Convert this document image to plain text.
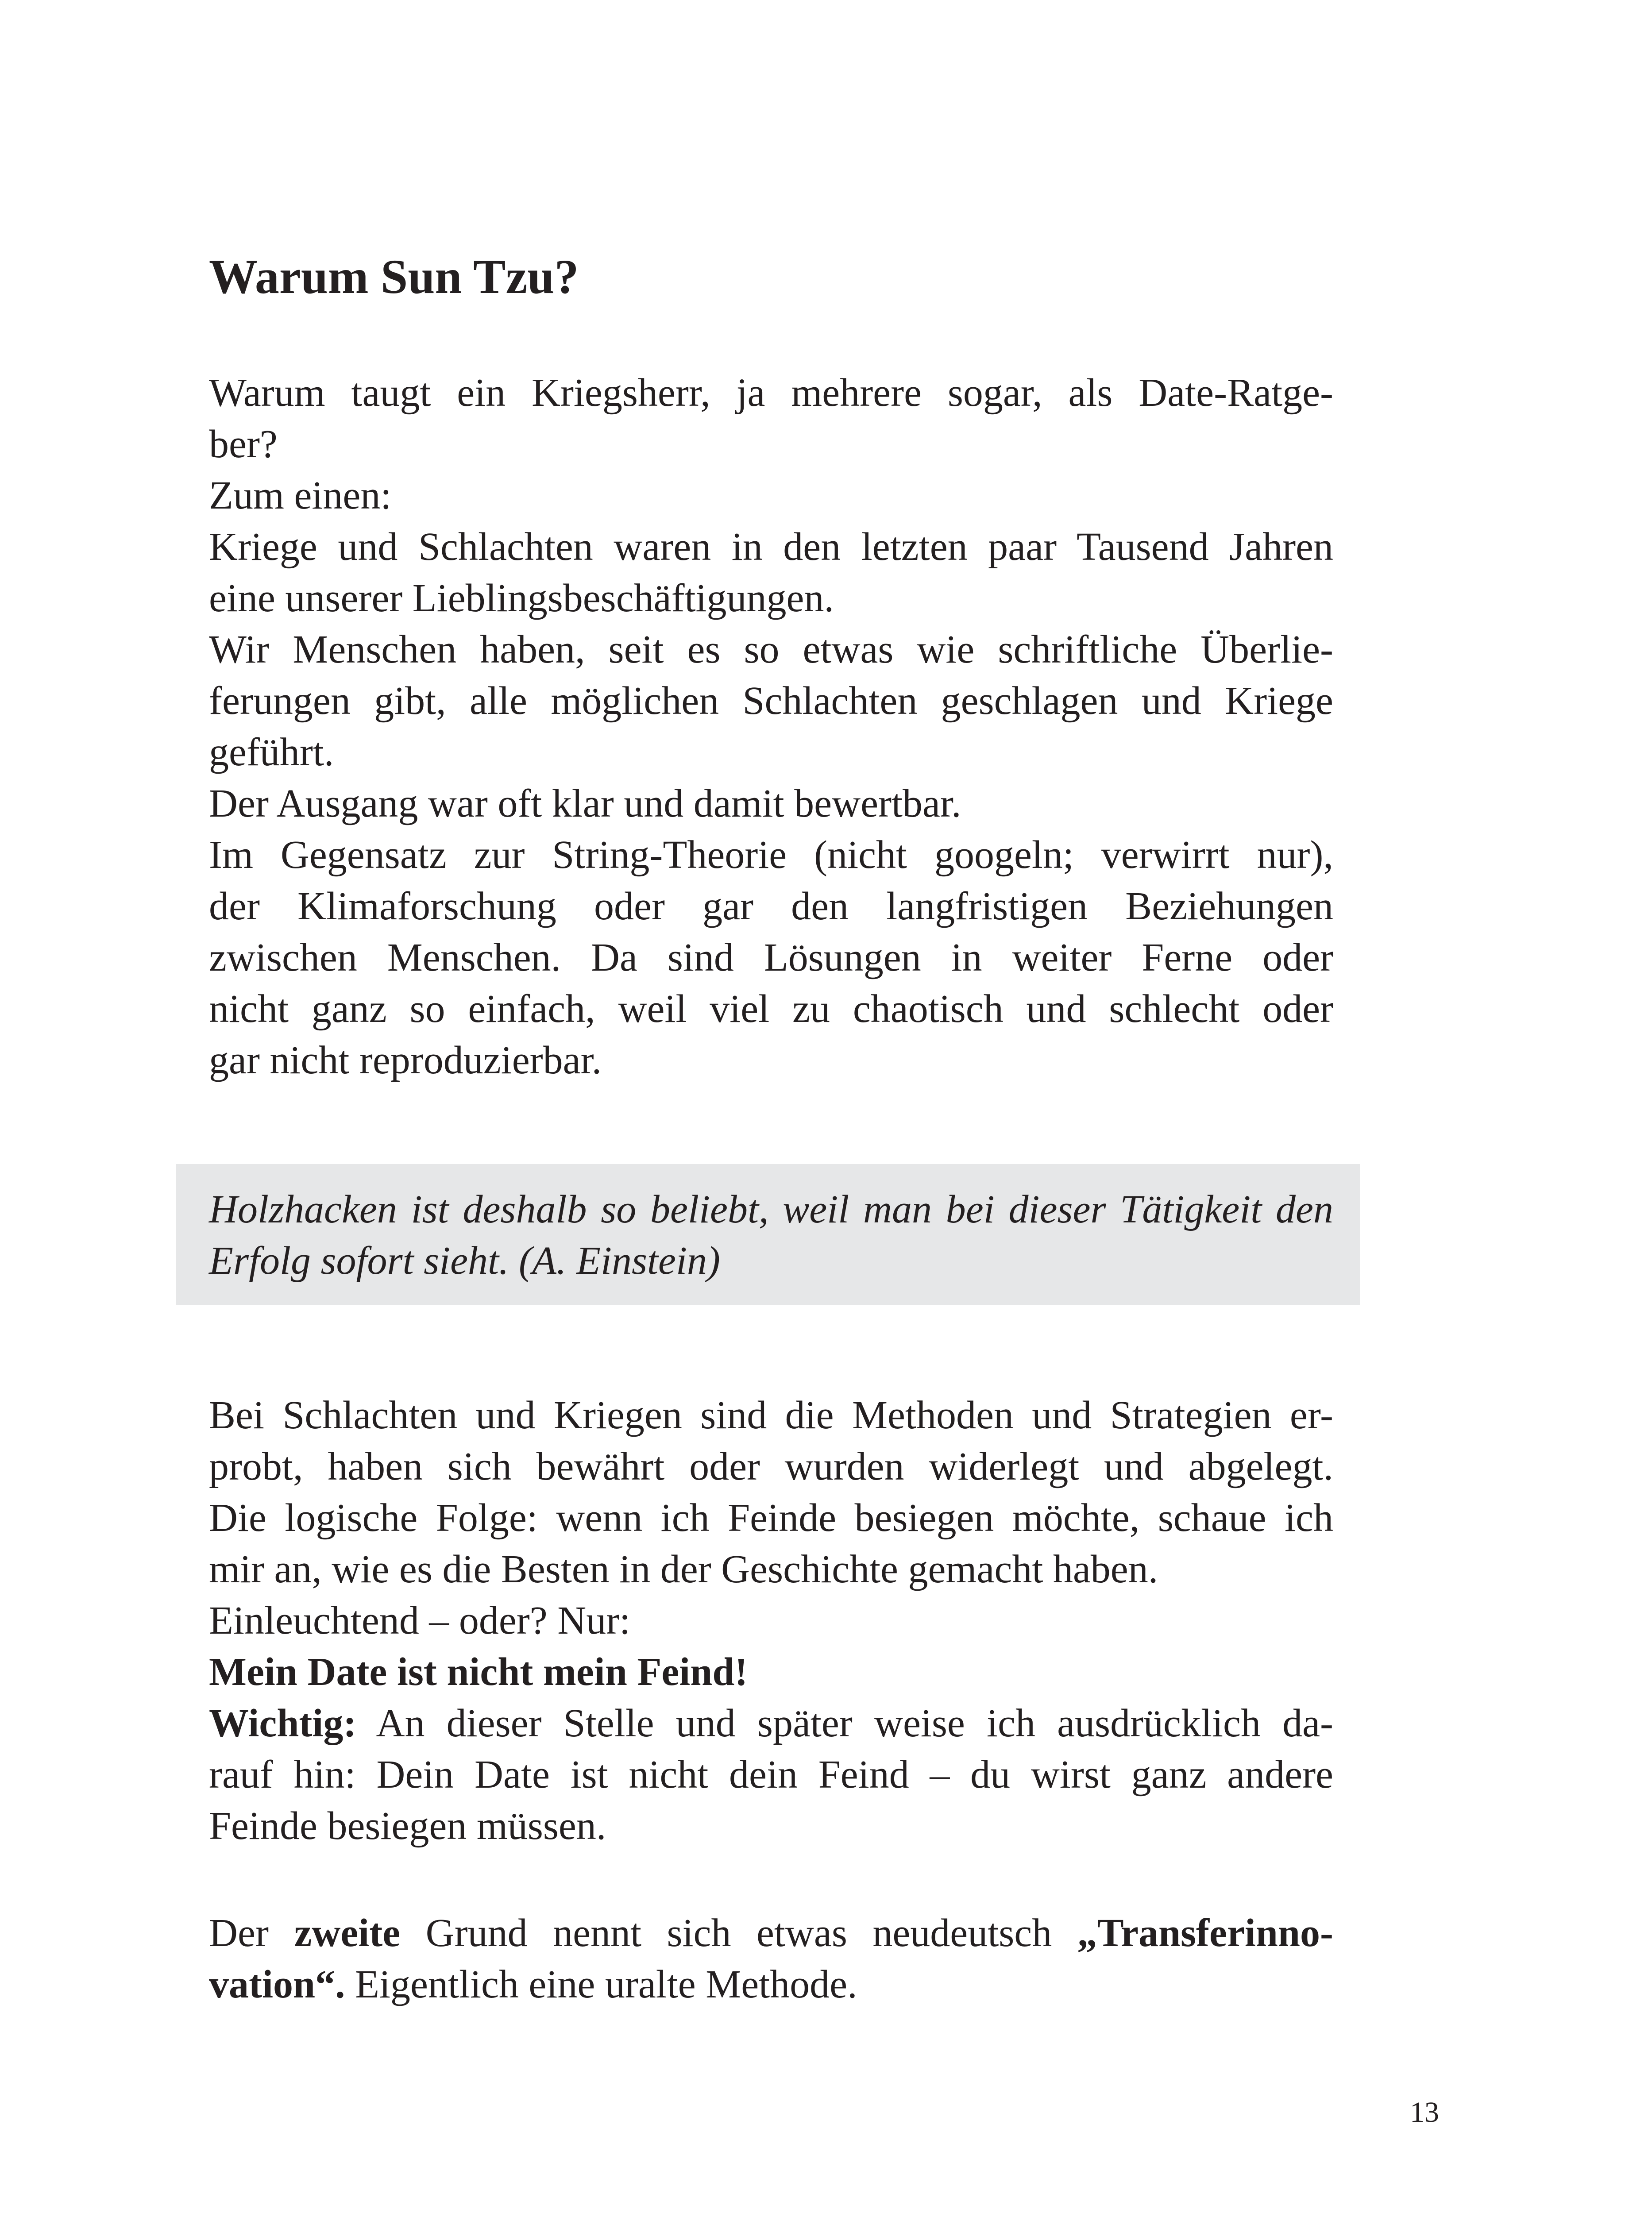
Warum Sun Tzu?
Warum taugt ein Kriegsherr, ja mehrere sogar, als Date-Ratge-
ber?
Zum einen:
Kriege und Schlachten waren in den letzten paar Tausend Jahren
eine unserer Lieblingsbeschäftigungen.
Wir Menschen haben, seit es so etwas wie schriftliche Überlie-
ferungen gibt, alle möglichen Schlachten geschlagen und Kriege
geführt.
Der Ausgang war oft klar und damit bewertbar.
Im Gegensatz zur String-Theorie (nicht googeln; verwirrt nur),
der Klimaforschung oder gar den langfristigen Beziehungen
zwischen Menschen. Da sind Lösungen in weiter Ferne oder
nicht ganz so einfach, weil viel zu chaotisch und schlecht oder
gar nicht reproduzierbar.
Holzhacken ist deshalb so beliebt, weil man bei dieser Tätigkeit den
Erfolg sofort sieht. (A. Einstein)
Bei Schlachten und Kriegen sind die Methoden und Strategien er-
probt, haben sich bewährt oder wurden widerlegt und abgelegt.
Die logische Folge: wenn ich Feinde besiegen möchte, schaue ich
mir an, wie es die Besten in der Geschichte gemacht haben.
Einleuchtend – oder? Nur:
Mein Date ist nicht mein Feind!
Wichtig: An dieser Stelle und später weise ich ausdrücklich da-
rauf hin: Dein Date ist nicht dein Feind – du wirst ganz andere
Feinde besiegen müssen.
Der zweite Grund nennt sich etwas neudeutsch „Transferinno-
vation“. Eigentlich eine uralte Methode.
13
